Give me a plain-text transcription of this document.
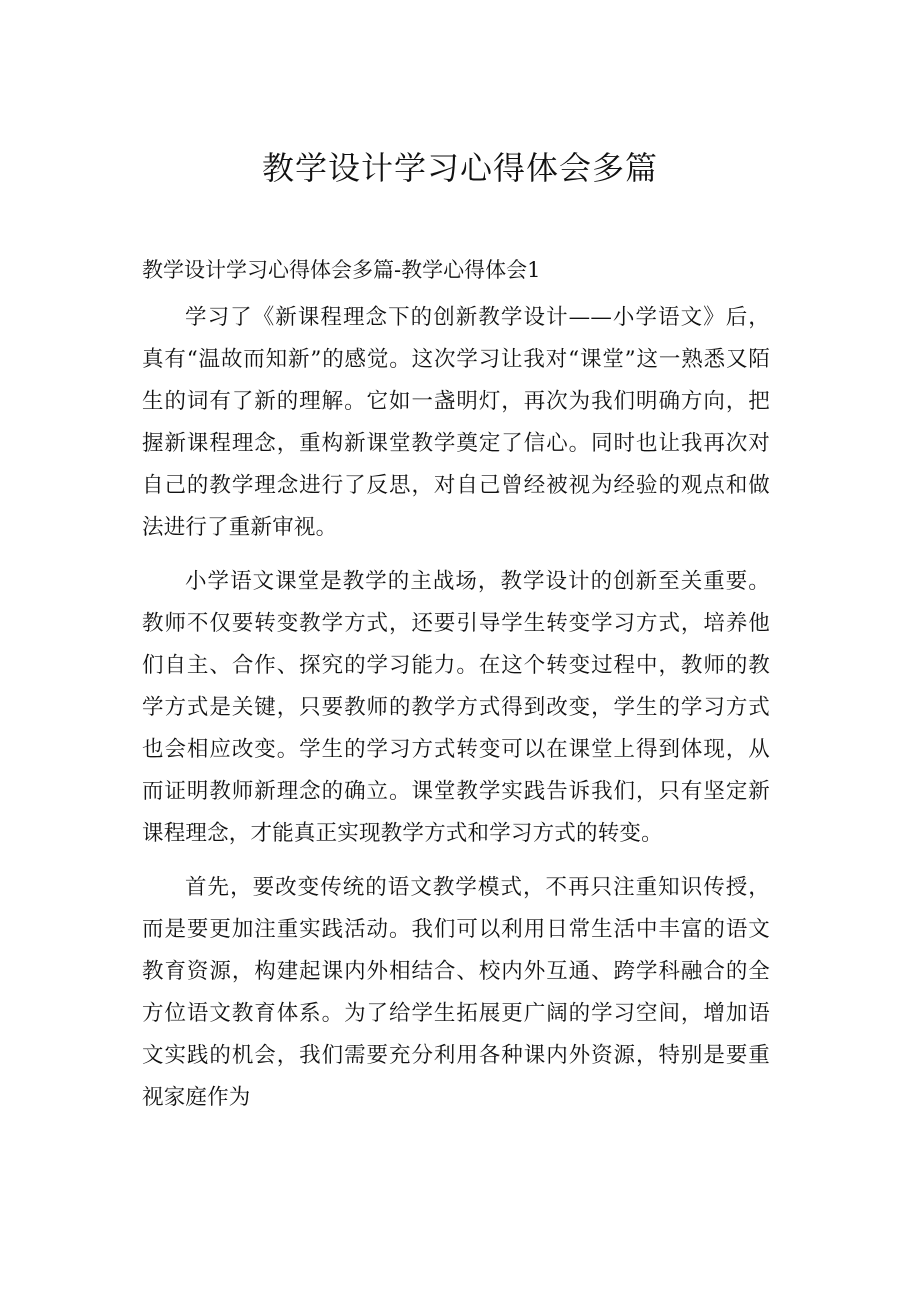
教学设计学习心得体会多篇
教学设计学习心得体会多篇-教学心得体会1

学习了《新课程理念下的创新教学设计——小学语文》后，真有“温故而知新”的感觉。这次学习让我对“课堂”这一熟悉又陌生的词有了新的理解。它如一盏明灯，再次为我们明确方向，把握新课程理念，重构新课堂教学奠定了信心。同时也让我再次对自己的教学理念进行了反思，对自己曾经被视为经验的观点和做法进行了重新审视。

小学语文课堂是教学的主战场，教学设计的创新至关重要。教师不仅要转变教学方式，还要引导学生转变学习方式，培养他们自主、合作、探究的学习能力。在这个转变过程中，教师的教学方式是关键，只要教师的教学方式得到改变，学生的学习方式也会相应改变。学生的学习方式转变可以在课堂上得到体现，从而证明教师新理念的确立。课堂教学实践告诉我们，只有坚定新课程理念，才能真正实现教学方式和学习方式的转变。

首先，要改变传统的语文教学模式，不再只注重知识传授，而是要更加注重实践活动。我们可以利用日常生活中丰富的语文教育资源，构建起课内外相结合、校内外互通、跨学科融合的全方位语文教育体系。为了给学生拓展更广阔的学习空间，增加语文实践的机会，我们需要充分利用各种课内外资源，特别是要重视家庭作为
